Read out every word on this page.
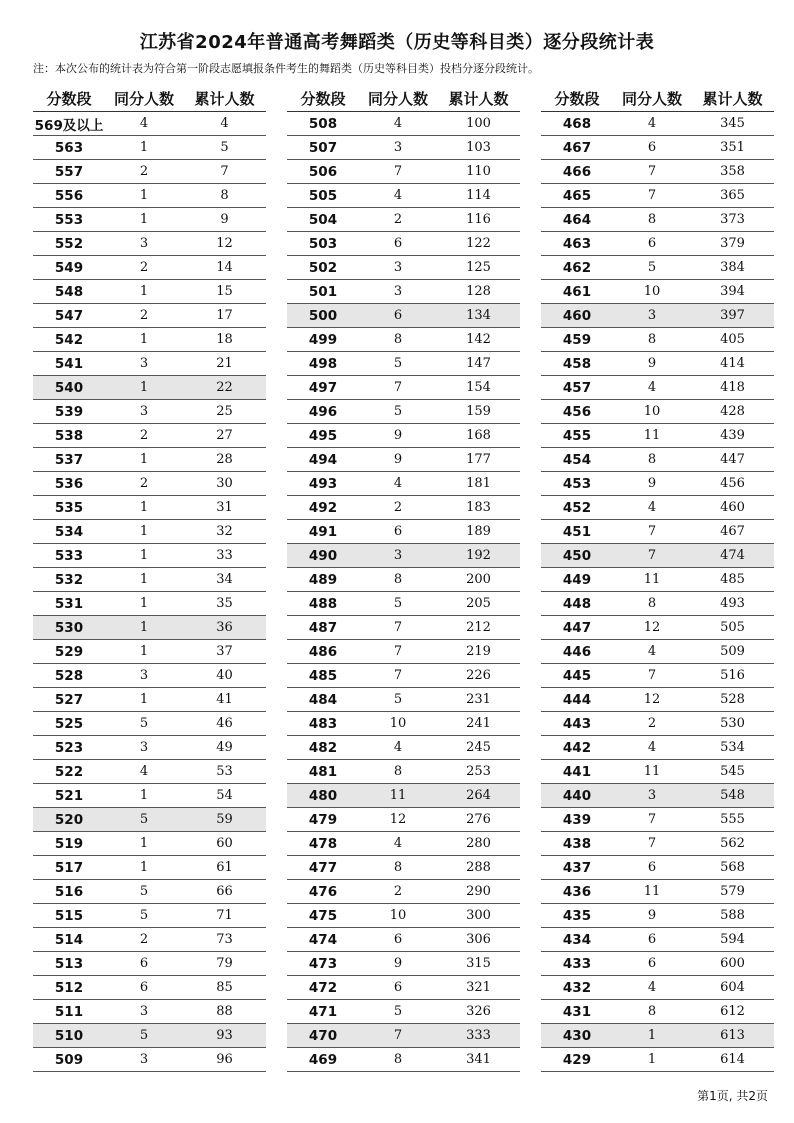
江苏省2024年普通高考舞蹈类（历史等科目类）逐分段统计表
注：本次公布的统计表为符合第一阶段志愿填报条件考生的舞蹈类（历史等科目类）投档分逐分段统计。
分数段	同分人数	累计人数
569及以上	4	4
563	1	5
557	2	7
556	1	8
553	1	9
552	3	12
549	2	14
548	1	15
547	2	17
542	1	18
541	3	21
540	1	22
539	3	25
538	2	27
537	1	28
536	2	30
535	1	31
534	1	32
533	1	33
532	1	34
531	1	35
530	1	36
529	1	37
528	3	40
527	1	41
525	5	46
523	3	49
522	4	53
521	1	54
520	5	59
519	1	60
517	1	61
516	5	66
515	5	71
514	2	73
513	6	79
512	6	85
511	3	88
510	5	93
509	3	96
分数段	同分人数	累计人数
508	4	100
507	3	103
506	7	110
505	4	114
504	2	116
503	6	122
502	3	125
501	3	128
500	6	134
499	8	142
498	5	147
497	7	154
496	5	159
495	9	168
494	9	177
493	4	181
492	2	183
491	6	189
490	3	192
489	8	200
488	5	205
487	7	212
486	7	219
485	7	226
484	5	231
483	10	241
482	4	245
481	8	253
480	11	264
479	12	276
478	4	280
477	8	288
476	2	290
475	10	300
474	6	306
473	9	315
472	6	321
471	5	326
470	7	333
469	8	341
分数段	同分人数	累计人数
468	4	345
467	6	351
466	7	358
465	7	365
464	8	373
463	6	379
462	5	384
461	10	394
460	3	397
459	8	405
458	9	414
457	4	418
456	10	428
455	11	439
454	8	447
453	9	456
452	4	460
451	7	467
450	7	474
449	11	485
448	8	493
447	12	505
446	4	509
445	7	516
444	12	528
443	2	530
442	4	534
441	11	545
440	3	548
439	7	555
438	7	562
437	6	568
436	11	579
435	9	588
434	6	594
433	6	600
432	4	604
431	8	612
430	1	613
429	1	614
第1页, 共2页
